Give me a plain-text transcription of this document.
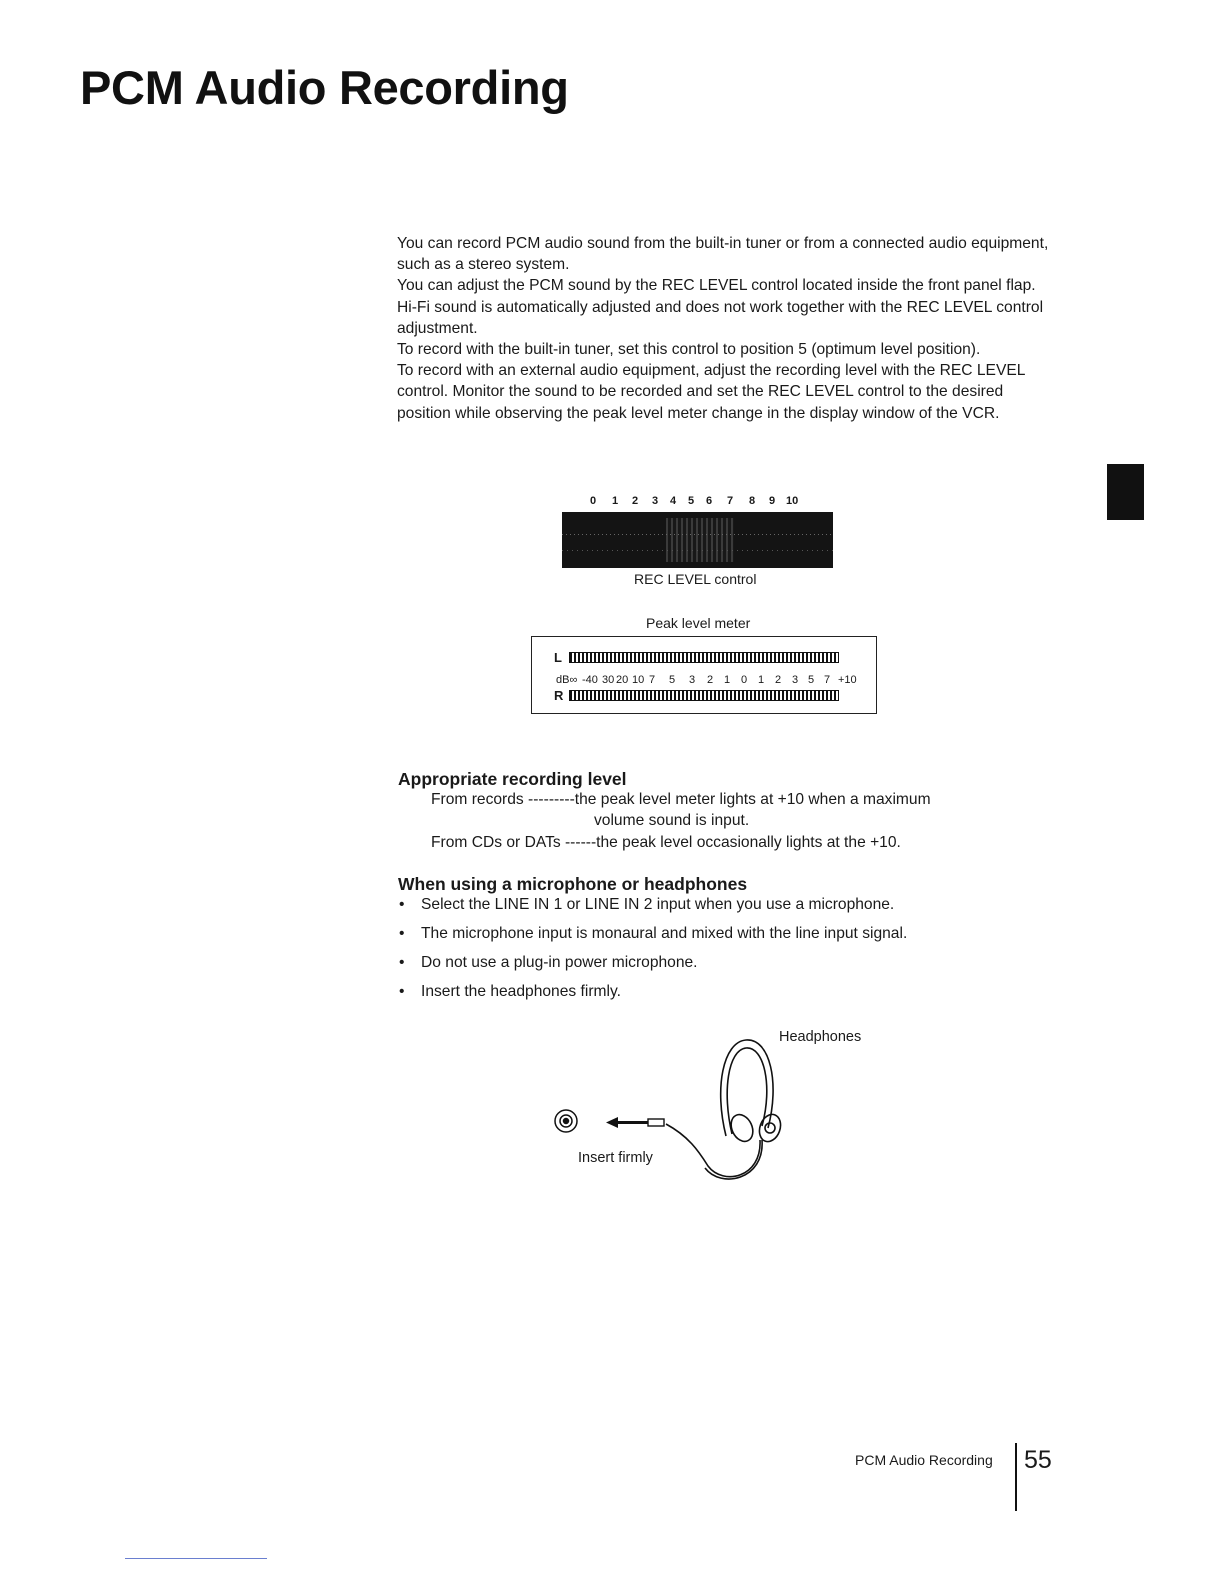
PCM Audio Recording

You can record PCM audio sound from the built-in tuner or from a connected audio equipment, such as a stereo system.

You can adjust the PCM sound by the REC LEVEL control located inside the front panel flap. Hi-Fi sound is automatically adjusted and does not work together with the REC LEVEL control adjustment.

To record with the built-in tuner, set this control to position 5 (optimum level position).

To record with an external audio equipment, adjust the recording level with the REC LEVEL control. Monitor the sound to be recorded and set the REC LEVEL control to the desired position while observing the peak level meter change in the display window of the VCR.

0 1 2 3 4 5 6 7 8 9 10
REC LEVEL control
Peak level meter
L
dB∞ -40 30 20 10 7 5 3 2 1 0 1 2 3 5 7 +10
R
Appropriate recording level
From records ---------the peak level meter lights at +10 when a maximum
volume sound is input.
From CDs or DATs ------the peak level occasionally lights at the +10.
When using a microphone or headphones
• Select the LINE IN 1 or LINE IN 2 input when you use a microphone.
• The microphone input is monaural and mixed with the line input signal.
• Do not use a plug-in power microphone.
• Insert the headphones firmly.
Headphones
Insert firmly
PCM Audio Recording 55
